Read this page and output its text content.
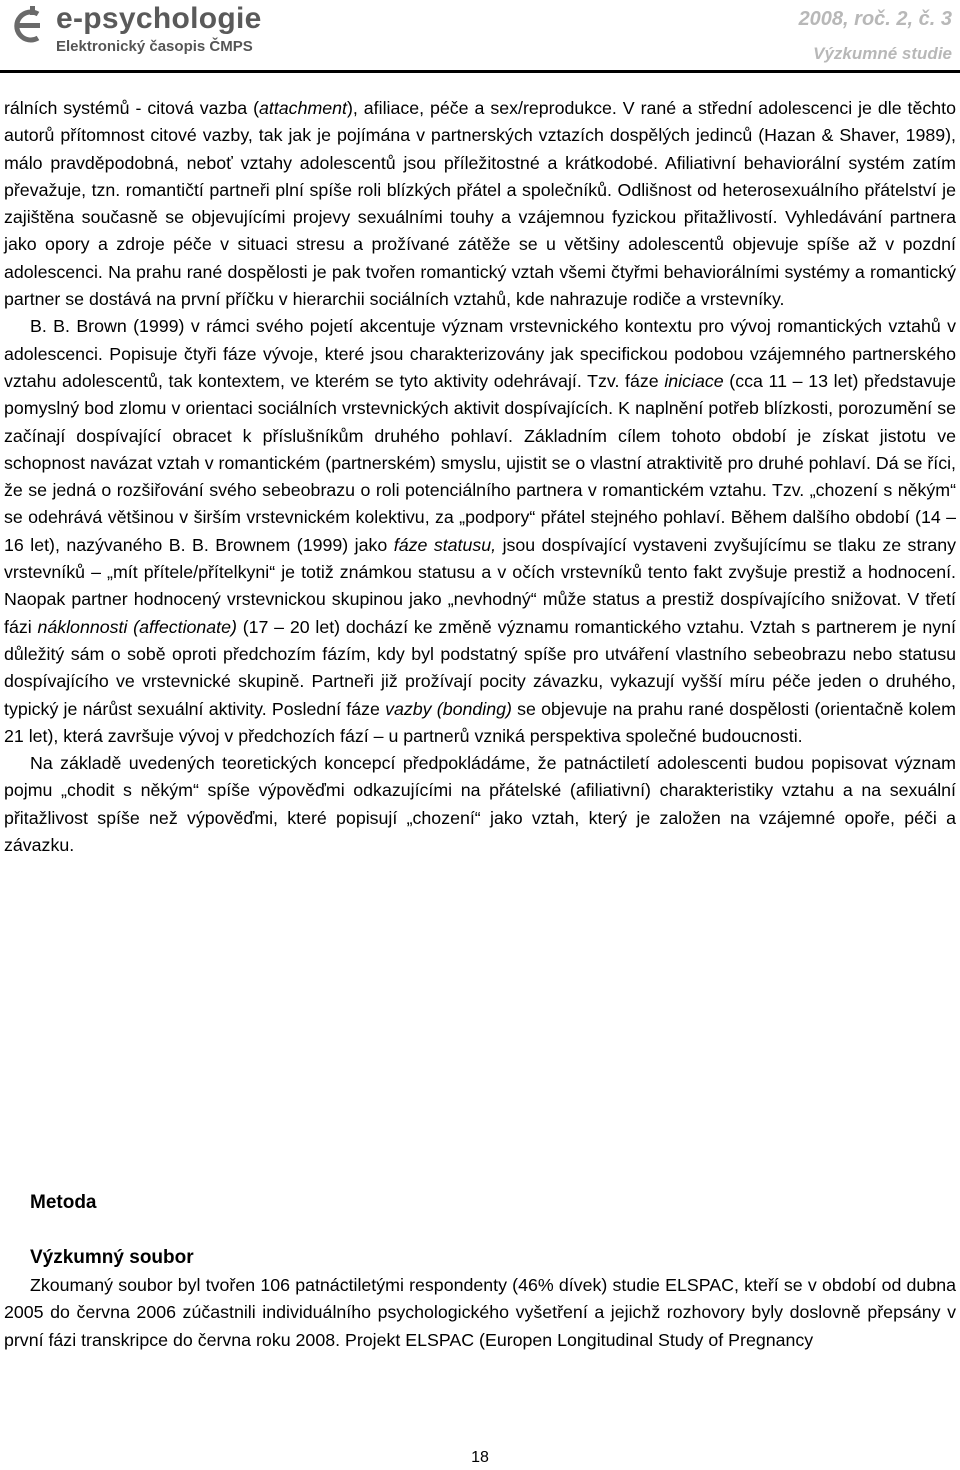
e-psychologie
Elektronický časopis ČMPS
2008, roč. 2, č. 3
Výzkumné studie

rálních systémů - citová vazba (attachment), afiliace, péče a sex/reprodukce. V rané a střední adolescenci je dle těchto autorů přítomnost citové vazby, tak jak je pojímána v partnerských vztazích dospělých jedinců (Hazan & Shaver, 1989), málo pravděpodobná, neboť vztahy adolescentů jsou příležitostné a krátkodobé. Afiliativní behaviorální systém zatím převažuje, tzn. romantičtí partneři plní spíše roli blízkých přátel a společníků. Odlišnost od heterosexuálního přátelství je zajištěna současně se objevujícími projevy sexuálními touhy a vzájemnou fyzickou přitažlivostí. Vyhledávání partnera jako opory a zdroje péče v situaci stresu a prožívané zátěže se u většiny adolescentů objevuje spíše až v pozdní adolescenci. Na prahu rané dospělosti je pak tvořen romantický vztah všemi čtyřmi behaviorálními systémy a romantický partner se dostává na první příčku v hierarchii sociálních vztahů, kde nahrazuje rodiče a vrstevníky.

B. B. Brown (1999) v rámci svého pojetí akcentuje význam vrstevnického kontextu pro vývoj romantických vztahů v adolescenci. Popisuje čtyři fáze vývoje, které jsou charakterizovány jak specifickou podobou vzájemného partnerského vztahu adolescentů, tak kontextem, ve kterém se tyto aktivity odehrávají. Tzv. fáze iniciace (cca 11 – 13 let) představuje pomyslný bod zlomu v orientaci sociálních vrstevnických aktivit dospívajících. K naplnění potřeb blízkosti, porozumění se začínají dospívající obracet k příslušníkům druhého pohlaví. Základním cílem tohoto období je získat jistotu ve schopnost navázat vztah v romantickém (partnerském) smyslu, ujistit se o vlastní atraktivitě pro druhé pohlaví. Dá se říci, že se jedná o rozšiřování svého sebeobrazu o roli potenciálního partnera v romantickém vztahu. Tzv. „chození s někým“ se odehrává většinou v širším vrstevnickém kolektivu, za „podpory“ přátel stejného pohlaví. Během dalšího období (14 – 16 let), nazývaného B. B. Brownem (1999) jako fáze statusu, jsou dospívající vystaveni zvyšujícímu se tlaku ze strany vrstevníků – „mít přítele/přítelkyni“ je totiž známkou statusu a v očích vrstevníků tento fakt zvyšuje prestiž a hodnocení. Naopak partner hodnocený vrstevnickou skupinou jako „nevhodný“ může status a prestiž dospívajícího snižovat. V třetí fázi náklonnosti (affectionate) (17 – 20 let) dochází ke změně významu romantického vztahu. Vztah s partnerem je nyní důležitý sám o sobě oproti předchozím fázím, kdy byl podstatný spíše pro utváření vlastního sebeobrazu nebo statusu dospívajícího ve vrstevnické skupině. Partneři již prožívají pocity závazku, vykazují vyšší míru péče jeden o druhého, typický je nárůst sexuální aktivity. Poslední fáze vazby (bonding) se objevuje na prahu rané dospělosti (orientačně kolem 21 let), která završuje vývoj v předchozích fází – u partnerů vzniká perspektiva společné budoucnosti.

Na základě uvedených teoretických koncepcí předpokládáme, že patnáctiletí adolescenti budou popisovat význam pojmu „chodit s někým“ spíše výpověďmi odkazujícími na přátelské (afiliativní) charakteristiky vztahu a na sexuální přitažlivost spíše než výpověďmi, které popisují „chození“ jako vztah, který je založen na vzájemné opoře, péči a závazku.

Metoda
Výzkumný soubor

Zkoumaný soubor byl tvořen 106 patnáctiletými respondenty (46% dívek) studie ELSPAC, kteří se v období od dubna 2005 do června 2006 zúčastnili individuálního psychologického vyšetření a jejichž rozhovory byly doslovně přepsány v první fázi transkripce do června roku 2008. Projekt ELSPAC (Europen Longitudinal Study of Pregnancy

18
